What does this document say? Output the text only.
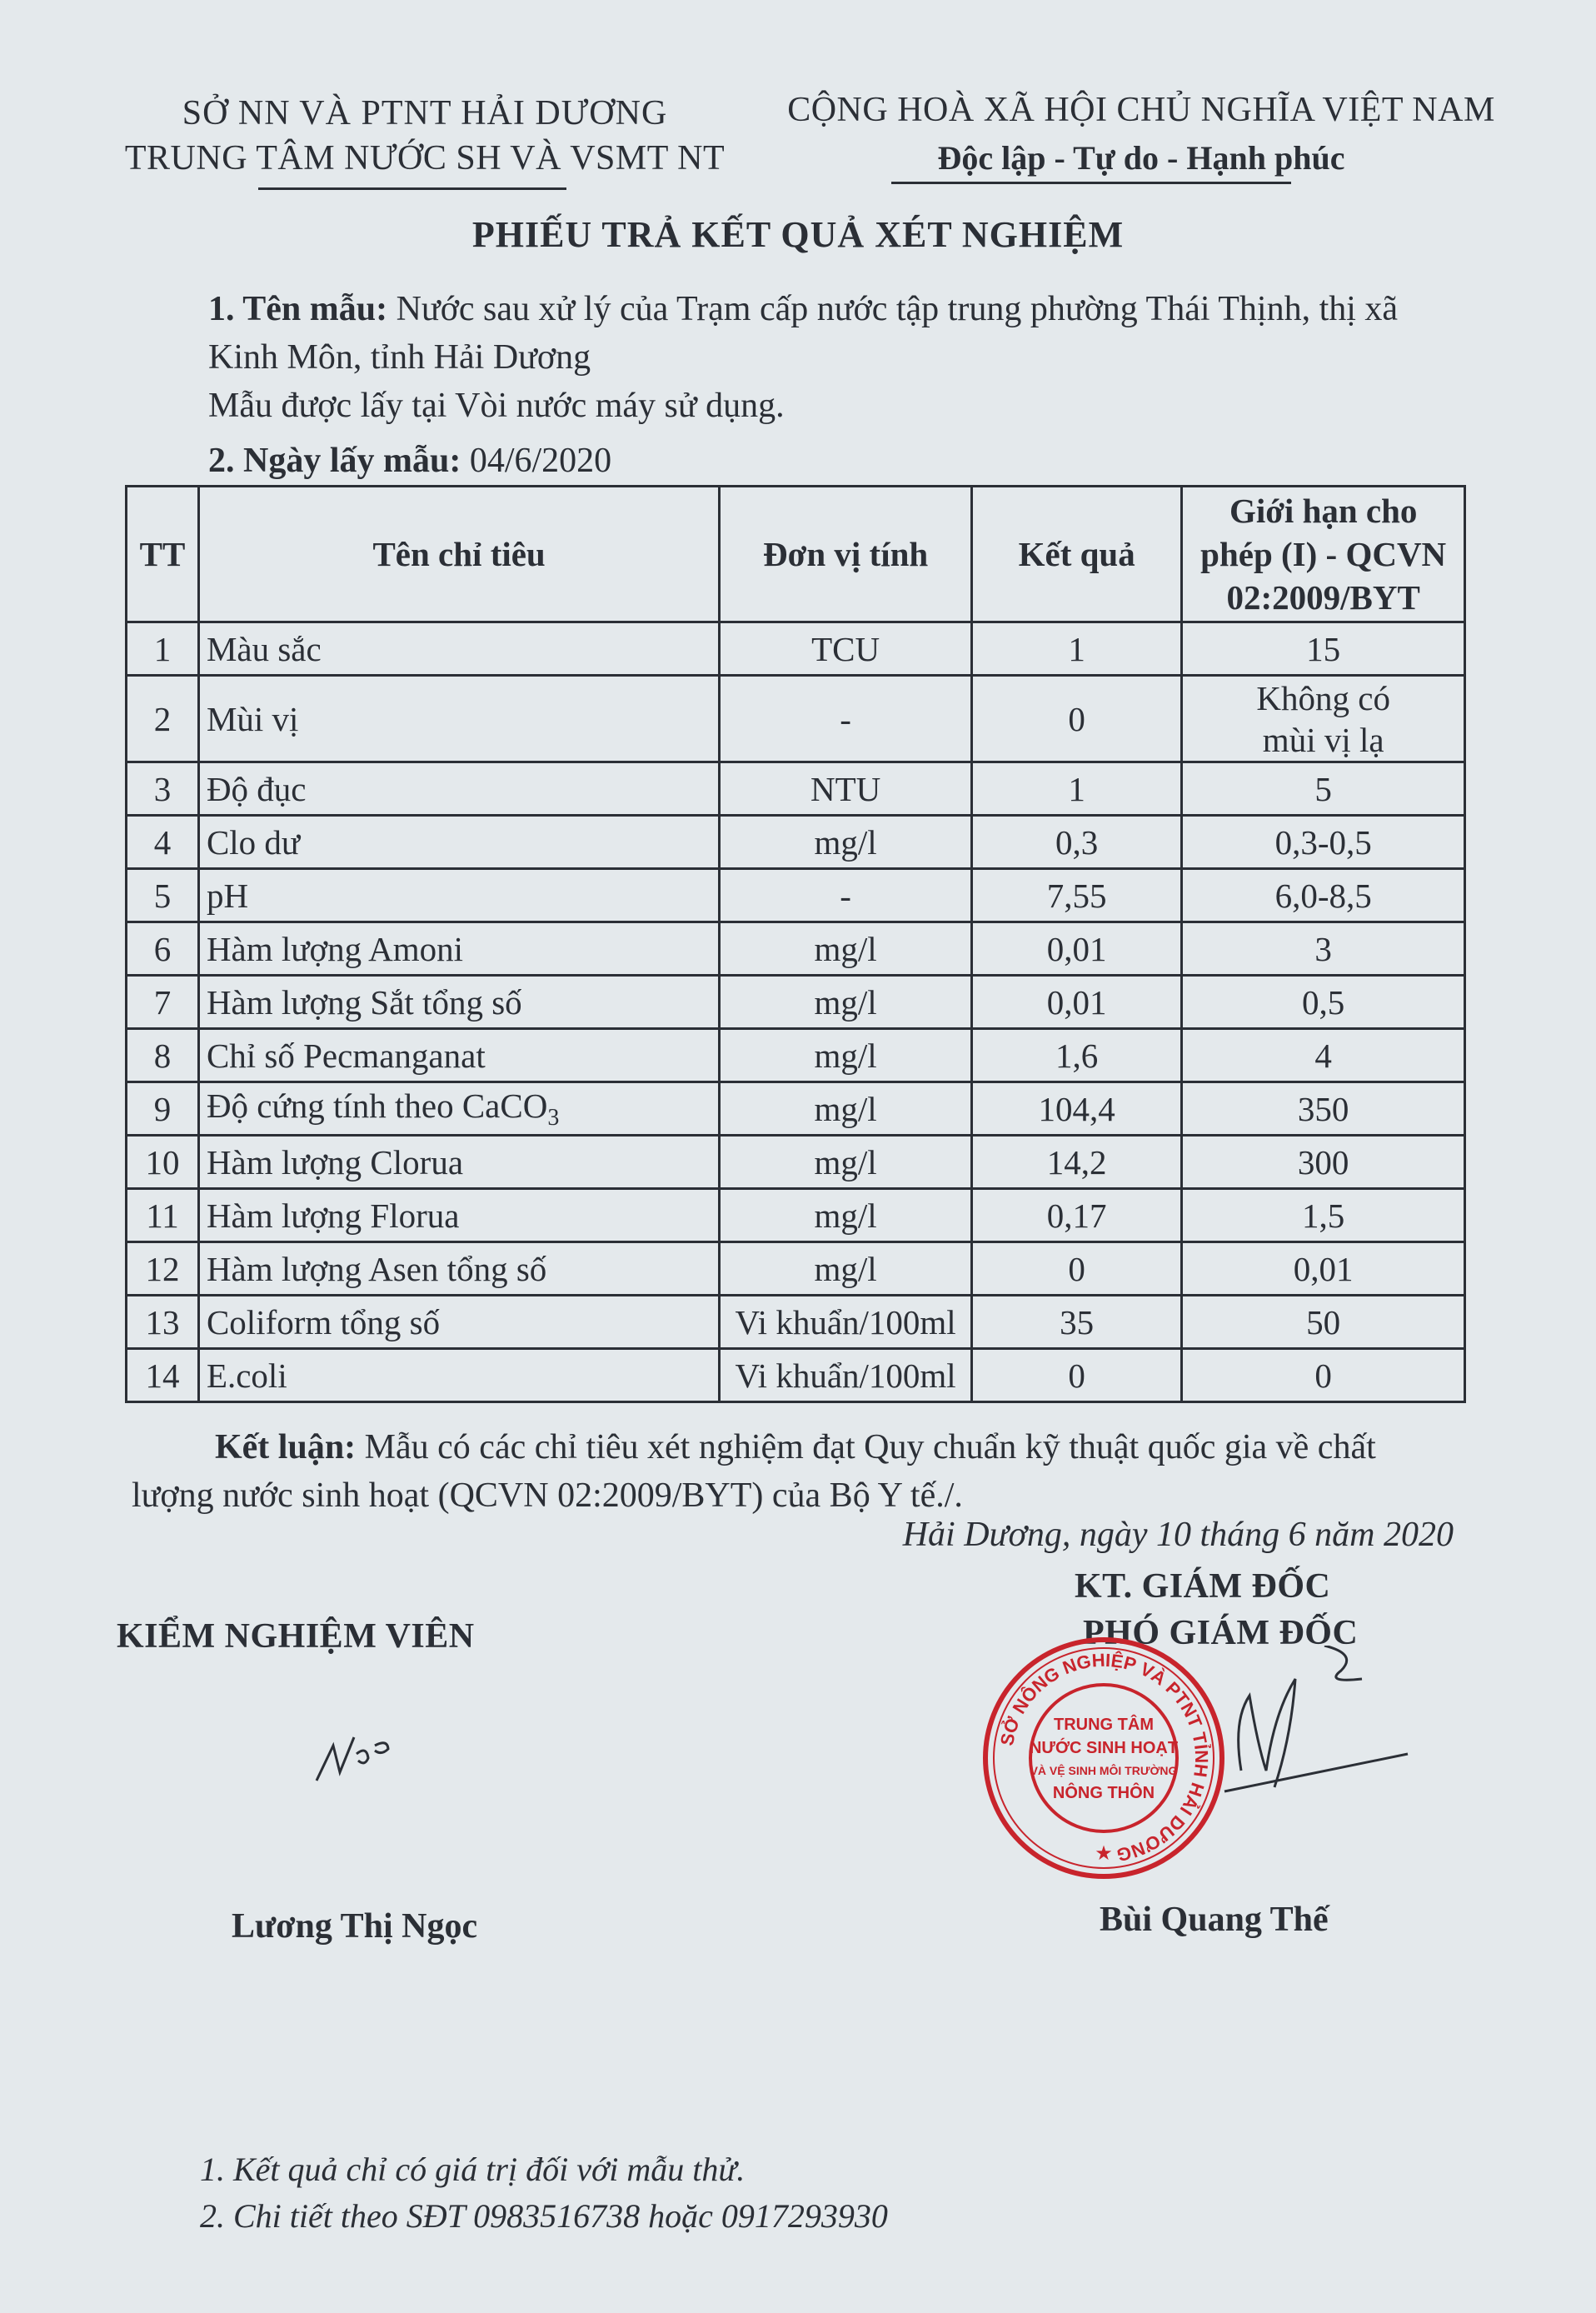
SỞ NN VÀ PTNT HẢI DƯƠNG
TRUNG TÂM NƯỚC SH VÀ VSMT NT
CỘNG HOÀ XÃ HỘI CHỦ NGHĨA VIỆT NAM
Độc lập - Tự do - Hạnh phúc
PHIẾU TRẢ KẾT QUẢ XÉT NGHIỆM
1. Tên mẫu: Nước sau xử lý của Trạm cấp nước tập trung phường Thái Thịnh, thị xã
Kinh Môn, tỉnh Hải Dương
Mẫu được lấy tại Vòi nước máy sử dụng.
2. Ngày lấy mẫu: 04/6/2020
TT	Tên chỉ tiêu	Đơn vị tính	Kết quả	Giới hạn cho
phép (I) - QCVN
02:2009/BYT

1	Màu sắc	TCU	1	15
2	Mùi vị	-	0	Không có
mùi vị lạ

3	Độ đục	NTU	1	5
4	Clo dư	mg/l	0,3	0,3-0,5
5	pH	-	7,55	6,0-8,5
6	Hàm lượng Amoni	mg/l	0,01	3
7	Hàm lượng Sắt tổng số	mg/l	0,01	0,5
8	Chỉ số Pecmanganat	mg/l	1,6	4
9	Độ cứng tính theo CaCO$_3$	mg/l	104,4	350
10	Hàm lượng Clorua	mg/l	14,2	300
11	Hàm lượng Florua	mg/l	0,17	1,5
12	Hàm lượng Asen tổng số	mg/l	0	0,01
13	Coliform tổng số	Vi khuẩn/100ml	35	50
14	E.coli	Vi khuẩn/100ml	0	0
Kết luận: Mẫu có các chỉ tiêu xét nghiệm đạt Quy chuẩn kỹ thuật quốc gia về chất
lượng nước sinh hoạt (QCVN 02:2009/BYT) của Bộ Y tế./.
Hải Dương, ngày 10 tháng 6 năm 2020
KIỂM NGHIỆM VIÊN
KT. GIÁM ĐỐC
PHÓ GIÁM ĐỐC
SỞ NÔNG NGHIỆP VÀ PTNT TỈNH HẢI DƯƠNG
TRUNG TÂM
NƯỚC SINH HOẠT
VÀ VỆ SINH MÔI TRƯỜNG
NÔNG THÔN
★
Lương Thị Ngọc	Bùi Quang Thế
1. Kết quả chỉ có giá trị đối với mẫu thử.
2. Chi tiết theo SĐT 0983516738 hoặc 0917293930
